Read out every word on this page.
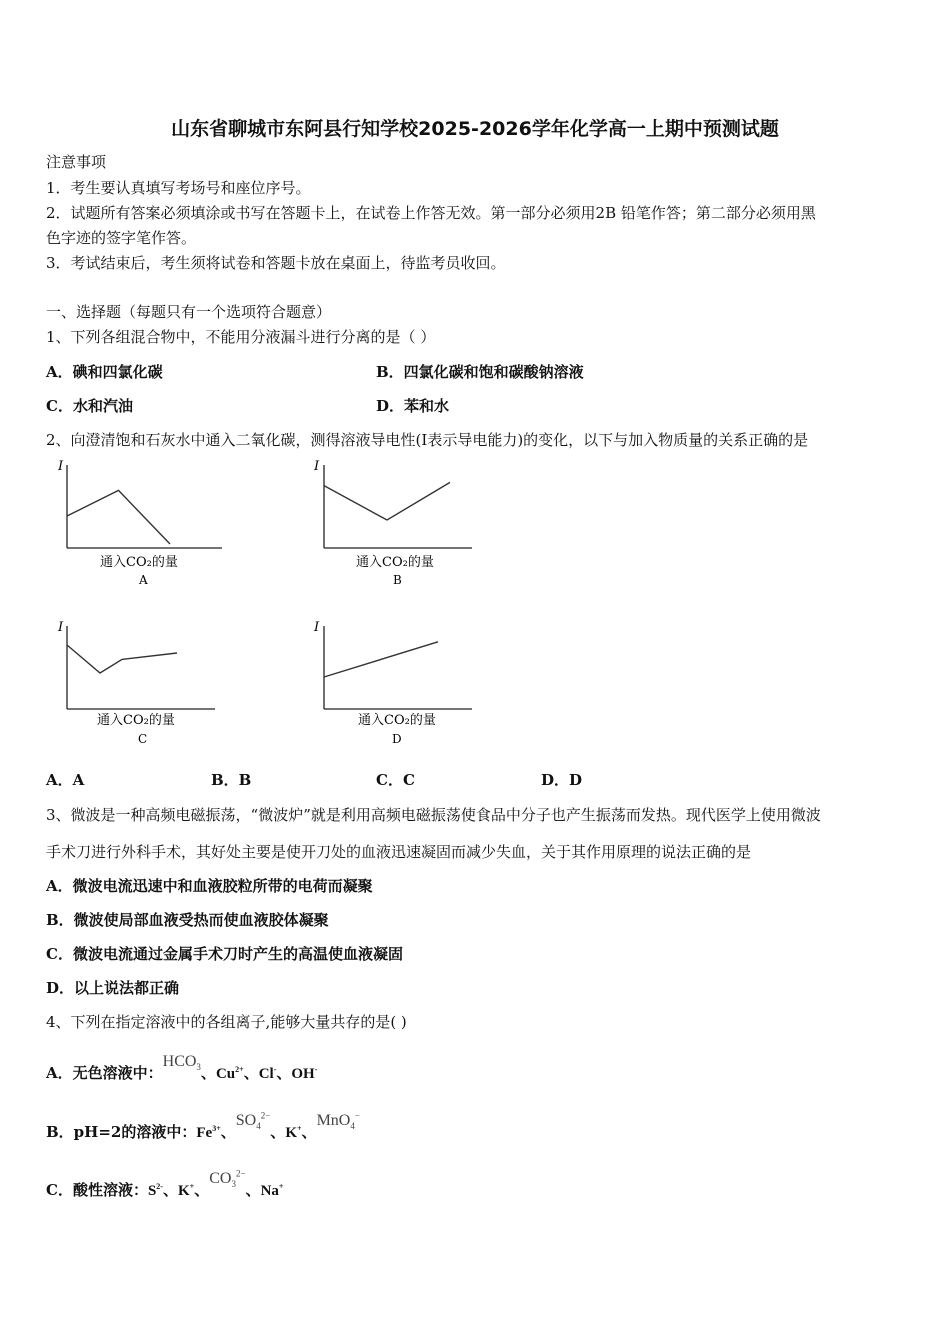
山东省聊城市东阿县行知学校2025-2026学年化学高一上期中预测试题
注意事项
1．考生要认真填写考场号和座位序号。
2．试题所有答案必须填涂或书写在答题卡上，在试卷上作答无效。第一部分必须用2B 铅笔作答；第二部分必须用黑
色字迹的签字笔作答。
3．考试结束后，考生须将试卷和答题卡放在桌面上，待监考员收回。
一、选择题（每题只有一个选项符合题意）
1、下列各组混合物中，不能用分液漏斗进行分离的是（ ）
A．碘和四氯化碳	B．四氯化碳和饱和碳酸钠溶液
C．水和汽油	D．苯和水
2、向澄清饱和石灰水中通入二氧化碳，测得溶液导电性(I表示导电能力)的变化，以下与加入物质量的关系正确的是
I
通入CO₂的量
A
I
通入CO₂的量
B
I
通入CO₂的量
C
I
通入CO₂的量
D
A．A	B．B	C．C	D．D
3、微波是一种高频电磁振荡，“微波炉”就是利用高频电磁振荡使食品中分子也产生振荡而发热。现代医学上使用微波
手术刀进行外科手术，其好处主要是使开刀处的血液迅速凝固而减少失血，关于其作用原理的说法正确的是
A．微波电流迅速中和血液胶粒所带的电荷而凝聚
B．微波使局部血液受热而使血液胶体凝聚
C．微波电流通过金属手术刀时产生的高温使血液凝固
D．以上说法都正确
4、下列在指定溶液中的各组离子,能够大量共存的是( )
A．无色溶液中：$HCO_3$、$Cu^{2+}$、Cl-、OH-
B．pH=2的溶液中：$Fe^{3+}$、$SO_4^{2-}$、K+、MnO$_4$−
C．酸性溶液：$S^{2-}$、K+、$CO_3^{2-}$、Na+
